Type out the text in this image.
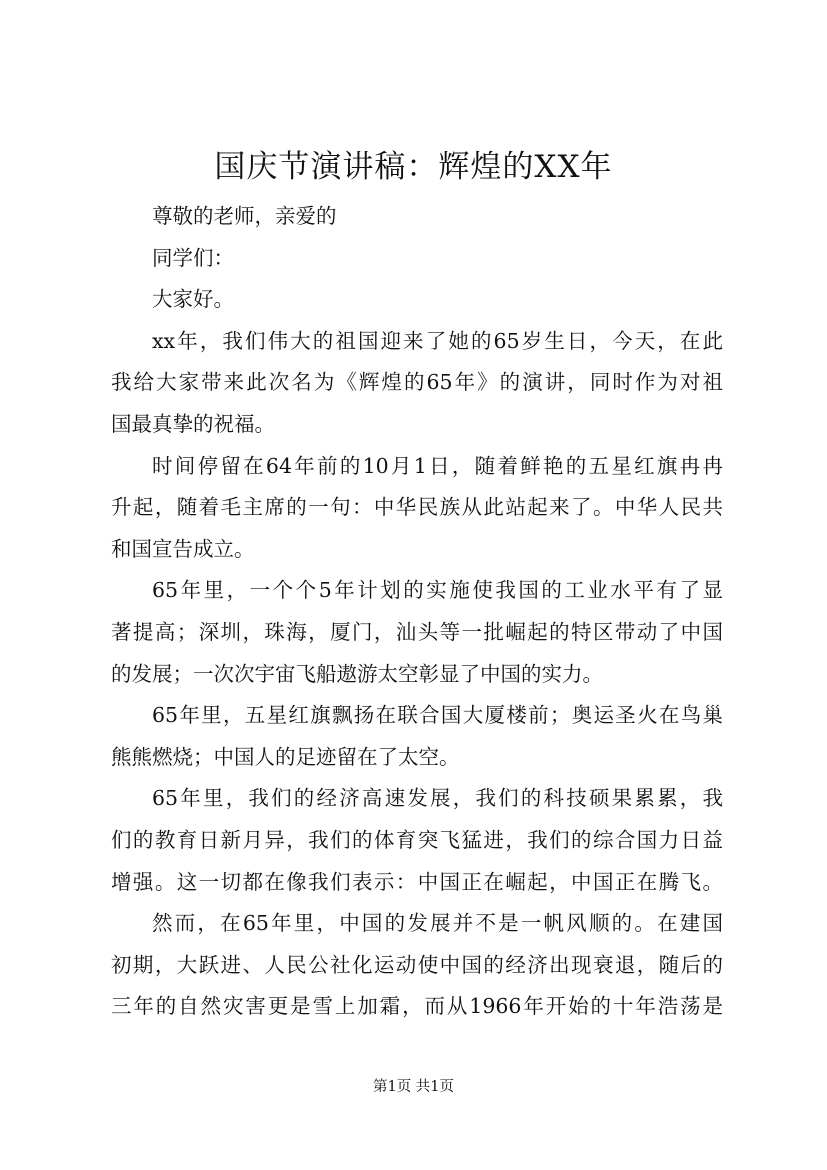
国庆节演讲稿：辉煌的XX年
尊敬的老师，亲爱的
同学们：
大家好。
xx年，我们伟大的祖国迎来了她的65岁生日，今天，在此
我给大家带来此次名为《辉煌的65年》的演讲，同时作为对祖
国最真挚的祝福。
时间停留在64年前的10月1日，随着鲜艳的五星红旗冉冉
升起，随着毛主席的一句：中华民族从此站起来了。中华人民共
和国宣告成立。
65年里，一个个5年计划的实施使我国的工业水平有了显
著提高；深圳，珠海，厦门，汕头等一批崛起的特区带动了中国
的发展；一次次宇宙飞船遨游太空彰显了中国的实力。
65年里，五星红旗飘扬在联合国大厦楼前；奥运圣火在鸟巢
熊熊燃烧；中国人的足迹留在了太空。
65年里，我们的经济高速发展，我们的科技硕果累累，我
们的教育日新月异，我们的体育突飞猛进，我们的综合国力日益
增强。这一切都在像我们表示：中国正在崛起，中国正在腾飞。
然而，在65年里，中国的发展并不是一帆风顺的。在建国
初期，大跃进、人民公社化运动使中国的经济出现衰退，随后的
三年的自然灾害更是雪上加霜，而从1966年开始的十年浩荡是
第1页 共1页
